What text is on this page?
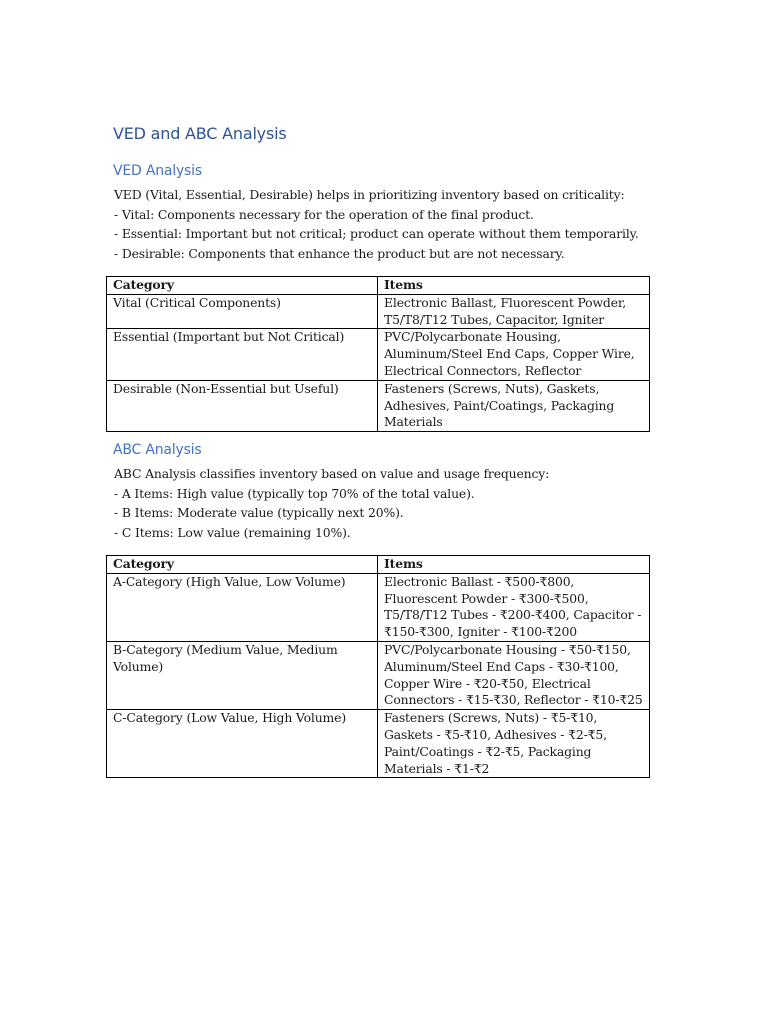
VED and ABC Analysis
VED Analysis
VED (Vital, Essential, Desirable) helps in prioritizing inventory based on criticality:
- Vital: Components necessary for the operation of the final product.
- Essential: Important but not critical; product can operate without them temporarily.
- Desirable: Components that enhance the product but are not necessary.
Category	Items
Vital (Critical Components)	Electronic Ballast, Fluorescent Powder, T5/T8/T12 Tubes, Capacitor, Igniter
Essential (Important but Not Critical)	PVC/Polycarbonate Housing, Aluminum/Steel End Caps, Copper Wire, Electrical Connectors, Reflector
Desirable (Non-Essential but Useful)	Fasteners (Screws, Nuts), Gaskets, Adhesives, Paint/Coatings, Packaging Materials
ABC Analysis
ABC Analysis classifies inventory based on value and usage frequency:
- A Items: High value (typically top 70% of the total value).
- B Items: Moderate value (typically next 20%).
- C Items: Low value (remaining 10%).
Category	Items
A-Category (High Value, Low Volume)	Electronic Ballast - ₹500-₹800, Fluorescent Powder - ₹300-₹500, T5/T8/T12 Tubes - ₹200-₹400, Capacitor - ₹150-₹300, Igniter - ₹100-₹200
B-Category (Medium Value, Medium Volume)	PVC/Polycarbonate Housing - ₹50-₹150, Aluminum/Steel End Caps - ₹30-₹100, Copper Wire - ₹20-₹50, Electrical Connectors - ₹15-₹30, Reflector - ₹10-₹25
C-Category (Low Value, High Volume)	Fasteners (Screws, Nuts) - ₹5-₹10, Gaskets - ₹5-₹10, Adhesives - ₹2-₹5, Paint/Coatings - ₹2-₹5, Packaging Materials - ₹1-₹2
